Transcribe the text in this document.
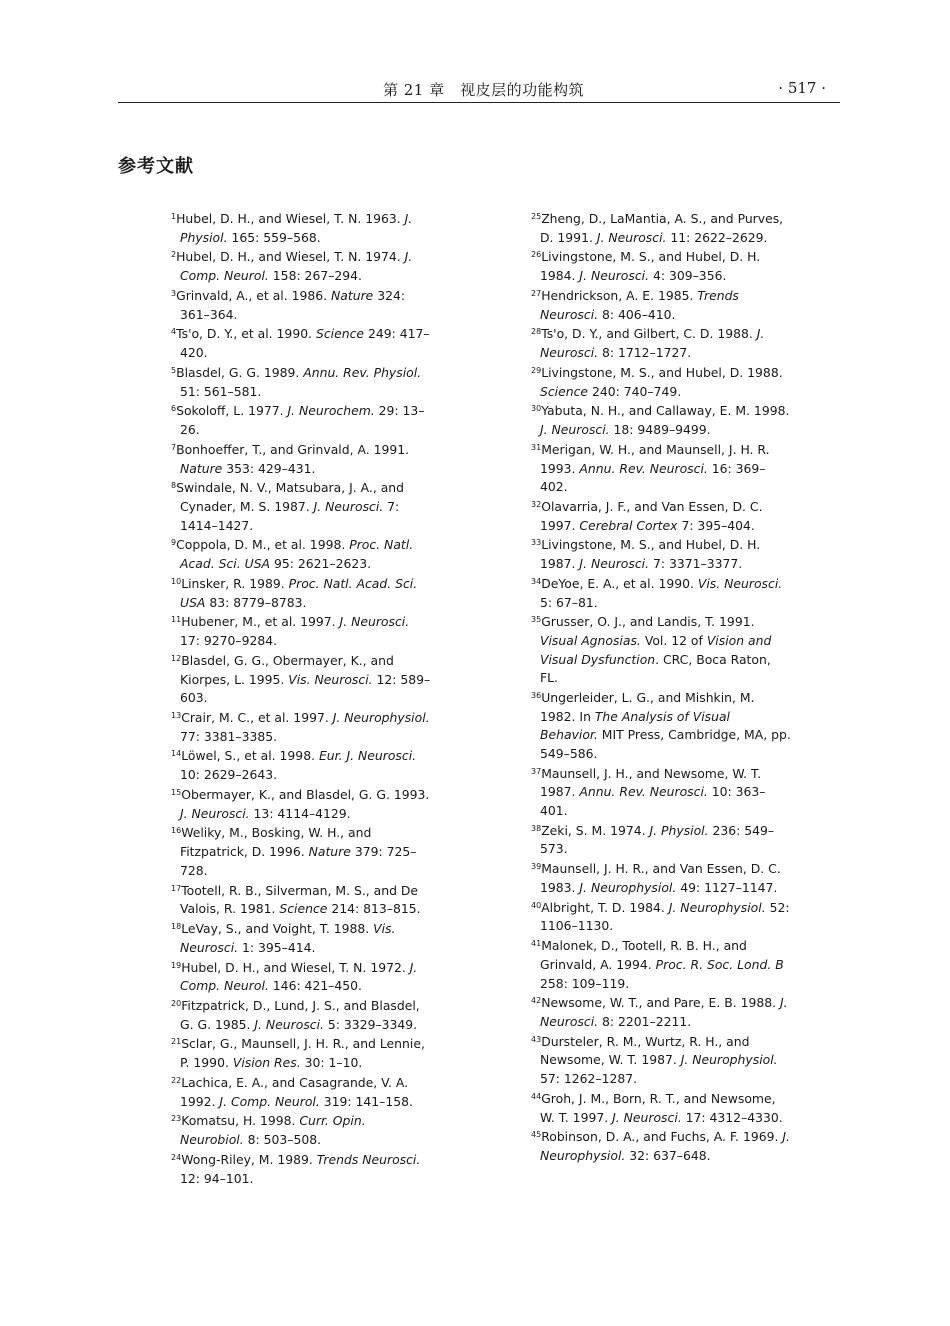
第 21 章　视皮层的功能构筑	· 517 ·
参考文献

$^1$Hubel, D. H., and Wiesel, T. N. 1963. J. Physiol. 165: 559–568.

$^2$Hubel, D. H., and Wiesel, T. N. 1974. J. Comp. Neurol. 158: 267–294.

$^3$Grinvald, A., et al. 1986. Nature 324: 361–364.

$^4$Ts'o, D. Y., et al. 1990. Science 249: 417–420.

$^5$Blasdel, G. G. 1989. Annu. Rev. Physiol. 51: 561–581.

$^6$Sokoloff, L. 1977. J. Neurochem. 29: 13–26.

$^7$Bonhoeffer, T., and Grinvald, A. 1991. Nature 353: 429–431.

$^8$Swindale, N. V., Matsubara, J. A., and Cynader, M. S. 1987. J. Neurosci. 7: 1414–1427.

$^9$Coppola, D. M., et al. 1998. Proc. Natl. Acad. Sci. USA 95: 2621–2623.

$^{10}$Linsker, R. 1989. Proc. Natl. Acad. Sci. USA 83: 8779–8783.

$^{11}$Hubener, M., et al. 1997. J. Neurosci. 17: 9270–9284.

$^{12}$Blasdel, G. G., Obermayer, K., and Kiorpes, L. 1995. Vis. Neurosci. 12: 589–603.

$^{13}$Crair, M. C., et al. 1997. J. Neurophysiol. 77: 3381–3385.

$^{14}$Löwel, S., et al. 1998. Eur. J. Neurosci. 10: 2629–2643.

$^{15}$Obermayer, K., and Blasdel, G. G. 1993. J. Neurosci. 13: 4114–4129.

$^{16}$Weliky, M., Bosking, W. H., and Fitzpatrick, D. 1996. Nature 379: 725–728.

$^{17}$Tootell, R. B., Silverman, M. S., and De Valois, R. 1981. Science 214: 813–815.

$^{18}$LeVay, S., and Voight, T. 1988. Vis. Neurosci. 1: 395–414.

$^{19}$Hubel, D. H., and Wiesel, T. N. 1972. J. Comp. Neurol. 146: 421–450.

$^{20}$Fitzpatrick, D., Lund, J. S., and Blasdel, G. G. 1985. J. Neurosci. 5: 3329–3349.

$^{21}$Sclar, G., Maunsell, J. H. R., and Lennie, P. 1990. Vision Res. 30: 1–10.

$^{22}$Lachica, E. A., and Casagrande, V. A. 1992. J. Comp. Neurol. 319: 141–158.

$^{23}$Komatsu, H. 1998. Curr. Opin. Neurobiol. 8: 503–508.

$^{24}$Wong-Riley, M. 1989. Trends Neurosci. 12: 94–101.

$^{25}$Zheng, D., LaMantia, A. S., and Purves, D. 1991. J. Neurosci. 11: 2622–2629.

$^{26}$Livingstone, M. S., and Hubel, D. H. 1984. J. Neurosci. 4: 309–356.

$^{27}$Hendrickson, A. E. 1985. Trends Neurosci. 8: 406–410.

$^{28}$Ts'o, D. Y., and Gilbert, C. D. 1988. J. Neurosci. 8: 1712–1727.

$^{29}$Livingstone, M. S., and Hubel, D. 1988. Science 240: 740–749.

$^{30}$Yabuta, N. H., and Callaway, E. M. 1998. J. Neurosci. 18: 9489–9499.

$^{31}$Merigan, W. H., and Maunsell, J. H. R. 1993. Annu. Rev. Neurosci. 16: 369–402.

$^{32}$Olavarria, J. F., and Van Essen, D. C. 1997. Cerebral Cortex 7: 395–404.

$^{33}$Livingstone, M. S., and Hubel, D. H. 1987. J. Neurosci. 7: 3371–3377.

$^{34}$DeYoe, E. A., et al. 1990. Vis. Neurosci. 5: 67–81.

$^{35}$Grusser, O. J., and Landis, T. 1991. Visual Agnosias. Vol. 12 of Vision and Visual Dysfunction. CRC, Boca Raton, FL.

$^{36}$Ungerleider, L. G., and Mishkin, M. 1982. In The Analysis of Visual Behavior. MIT Press, Cambridge, MA, pp. 549–586.

$^{37}$Maunsell, J. H., and Newsome, W. T. 1987. Annu. Rev. Neurosci. 10: 363–401.

$^{38}$Zeki, S. M. 1974. J. Physiol. 236: 549–573.

$^{39}$Maunsell, J. H. R., and Van Essen, D. C. 1983. J. Neurophysiol. 49: 1127–1147.

$^{40}$Albright, T. D. 1984. J. Neurophysiol. 52: 1106–1130.

$^{41}$Malonek, D., Tootell, R. B. H., and Grinvald, A. 1994. Proc. R. Soc. Lond. B 258: 109–119.

$^{42}$Newsome, W. T., and Pare, E. B. 1988. J. Neurosci. 8: 2201–2211.

$^{43}$Dursteler, R. M., Wurtz, R. H., and Newsome, W. T. 1987. J. Neurophysiol. 57: 1262–1287.

$^{44}$Groh, J. M., Born, R. T., and Newsome, W. T. 1997. J. Neurosci. 17: 4312–4330.

$^{45}$Robinson, D. A., and Fuchs, A. F. 1969. J. Neurophysiol. 32: 637–648.
